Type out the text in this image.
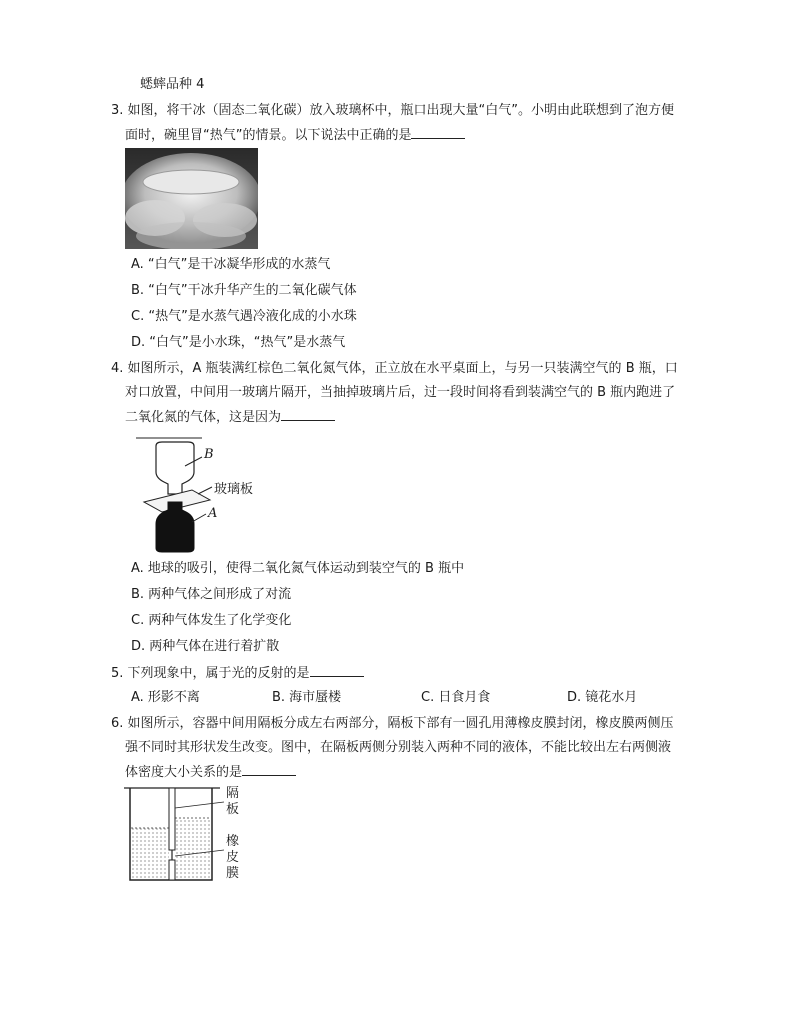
蟋蟀品种 4
3. 如图，将干冰（固态二氧化碳）放入玻璃杯中，瓶口出现大量“白气”。小明由此联想到了泡方便
面时，碗里冒“热气”的情景。以下说法中正确的是
A. “白气”是干冰凝华形成的水蒸气
B. “白气”干冰升华产生的二氧化碳气体
C. “热气”是水蒸气遇冷液化成的小水珠
D. “白气”是小水珠，“热气”是水蒸气
4. 如图所示，A 瓶装满红棕色二氧化氮气体，正立放在水平桌面上，与另一只装满空气的 B 瓶，口
对口放置，中间用一玻璃片隔开，当抽掉玻璃片后，过一段时间将看到装满空气的 B 瓶内跑进了
二氧化氮的气体，这是因为
B
玻璃板
A
A. 地球的吸引，使得二氧化氮气体运动到装空气的 B 瓶中
B. 两种气体之间形成了对流
C. 两种气体发生了化学变化
D. 两种气体在进行着扩散
5. 下列现象中，属于光的反射的是
A. 形影不离	B. 海市蜃楼	C. 日食月食	D. 镜花水月
6. 如图所示，容器中间用隔板分成左右两部分，隔板下部有一圆孔用薄橡皮膜封闭，橡皮膜两侧压
强不同时其形状发生改变。图中，在隔板两侧分别装入两种不同的液体，不能比较出左右两侧液
体密度大小关系的是
隔板
橡皮膜
